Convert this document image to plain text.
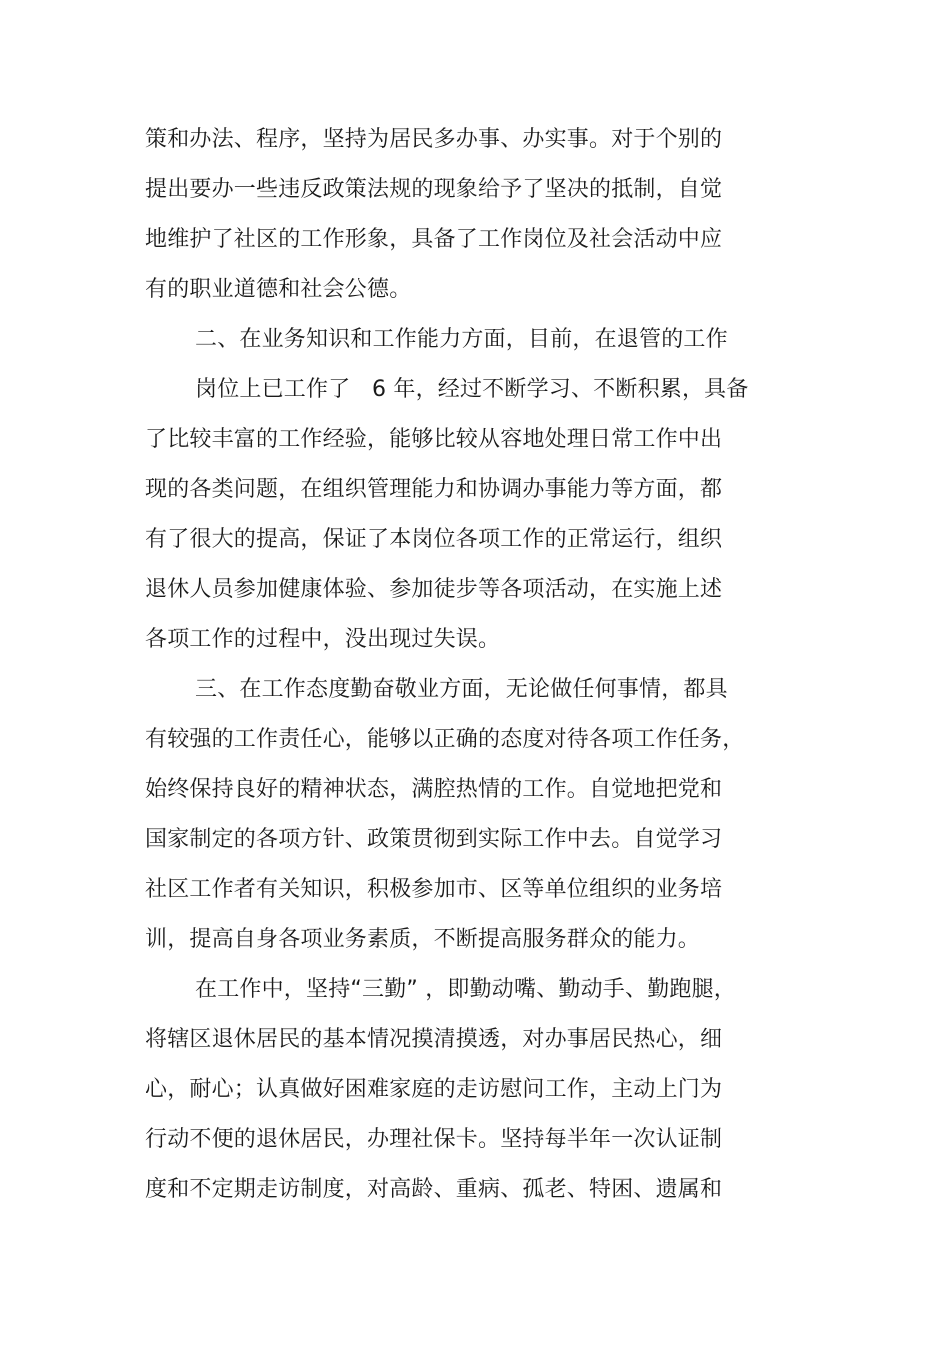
策和办法、程序，坚持为居民多办事、办实事。对于个别的
提出要办一些违反政策法规的现象给予了坚决的抵制，自觉
地维护了社区的工作形象，具备了工作岗位及社会活动中应
有的职业道德和社会公德。
二、在业务知识和工作能力方面，目前，在退管的工作
岗位上已工作了   6 年，经过不断学习、不断积累，具备
了比较丰富的工作经验，能够比较从容地处理日常工作中出
现的各类问题，在组织管理能力和协调办事能力等方面，都
有了很大的提高，保证了本岗位各项工作的正常运行，组织
退休人员参加健康体验、参加徒步等各项活动，在实施上述
各项工作的过程中，没出现过失误。
三、在工作态度勤奋敬业方面，无论做任何事情，都具
有较强的工作责任心，能够以正确的态度对待各项工作任务，
始终保持良好的精神状态，满腔热情的工作。自觉地把党和
国家制定的各项方针、政策贯彻到实际工作中去。自觉学习
社区工作者有关知识，积极参加市、区等单位组织的业务培
训，提高自身各项业务素质，不断提高服务群众的能力。
在工作中，坚持“三勤” ，即勤动嘴、勤动手、勤跑腿，
将辖区退休居民的基本情况摸清摸透，对办事居民热心，细
心，耐心；认真做好困难家庭的走访慰问工作，主动上门为
行动不便的退休居民，办理社保卡。坚持每半年一次认证制
度和不定期走访制度，对高龄、重病、孤老、特困、遗属和
